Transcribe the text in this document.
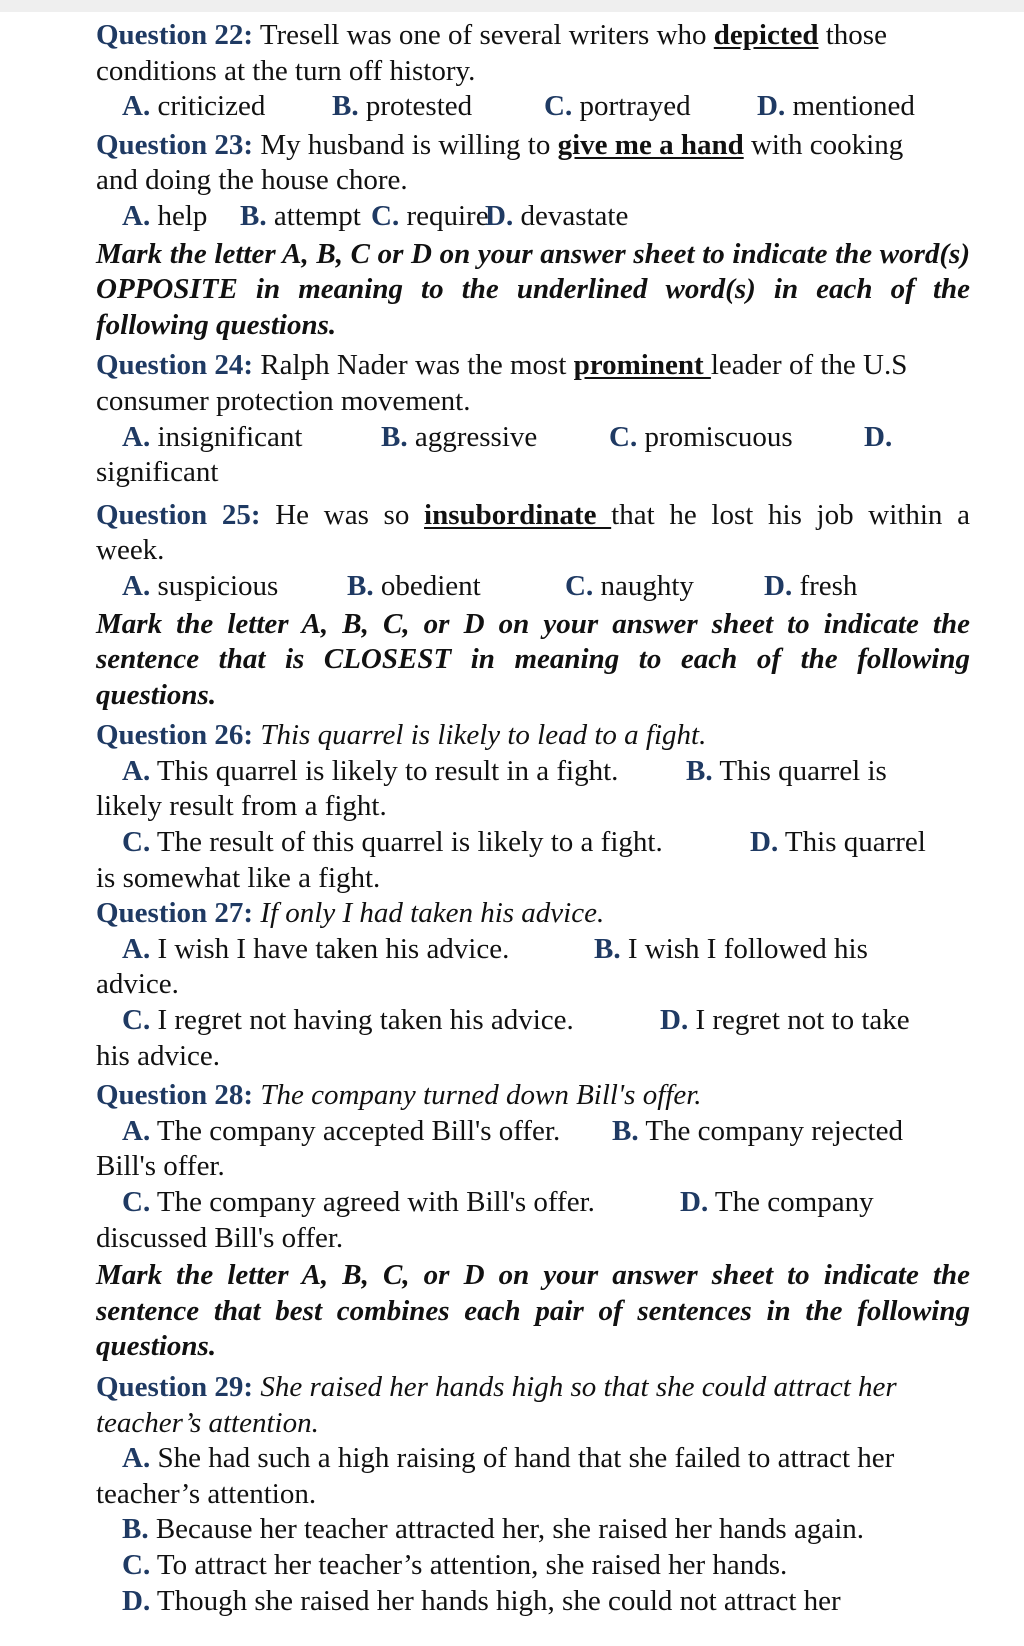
Question 22: Tresell was one of several writers who depicted those

conditions at the turn off history.

A. criticized	B. protested	C. portrayed	D. mentioned

Question 23: My husband is willing to give me a hand with cooking

and doing the house chore.

A. help	B. attempt C. require
D. devastate

Mark the letter A, B, C or D on your answer sheet to indicate the word(s) OPPOSITE in meaning to the underlined word(s) in each of the following questions.

Question 24: Ralph Nader was the most prominent leader of the U.S

consumer protection movement.

A. insignificant	B. aggressive	C. promiscuous	D.

significant

Question 25: He was so insubordinate that he lost his job within a

week.

A. suspicious	B. obedient	C. naughty	D. fresh

Mark the letter A, B, C, or D on your answer sheet to indicate the sentence that is CLOSEST in meaning to each of the following questions.

Question 26: This quarrel is likely to lead to a fight.

A. This quarrel is likely to result in a fight. B. This quarrel is

likely result from a fight.

C. The result of this quarrel is likely to a fight.	D. This quarrel

is somewhat like a fight.

Question 27: If only I had taken his advice.

A. I wish I have taken his advice.	B. I wish I followed his

advice.

C. I regret not having taken his advice.	D. I regret not to take

his advice.

Question 28: The company turned down Bill's offer.

A. The company accepted Bill's offer. B. The company rejected

Bill's offer.

C. The company agreed with Bill's offer.	D. The company

discussed Bill's offer.

Mark the letter A, B, C, or D on your answer sheet to indicate the sentence that best combines each pair of sentences in the following questions.

Question 29: She raised her hands high so that she could attract her

teacher’s attention.

A. She had such a high raising of hand that she failed to attract her

teacher’s attention.

B. Because her teacher attracted her, she raised her hands again.

C. To attract her teacher’s attention, she raised her hands.

D. Though she raised her hands high, she could not attract her
